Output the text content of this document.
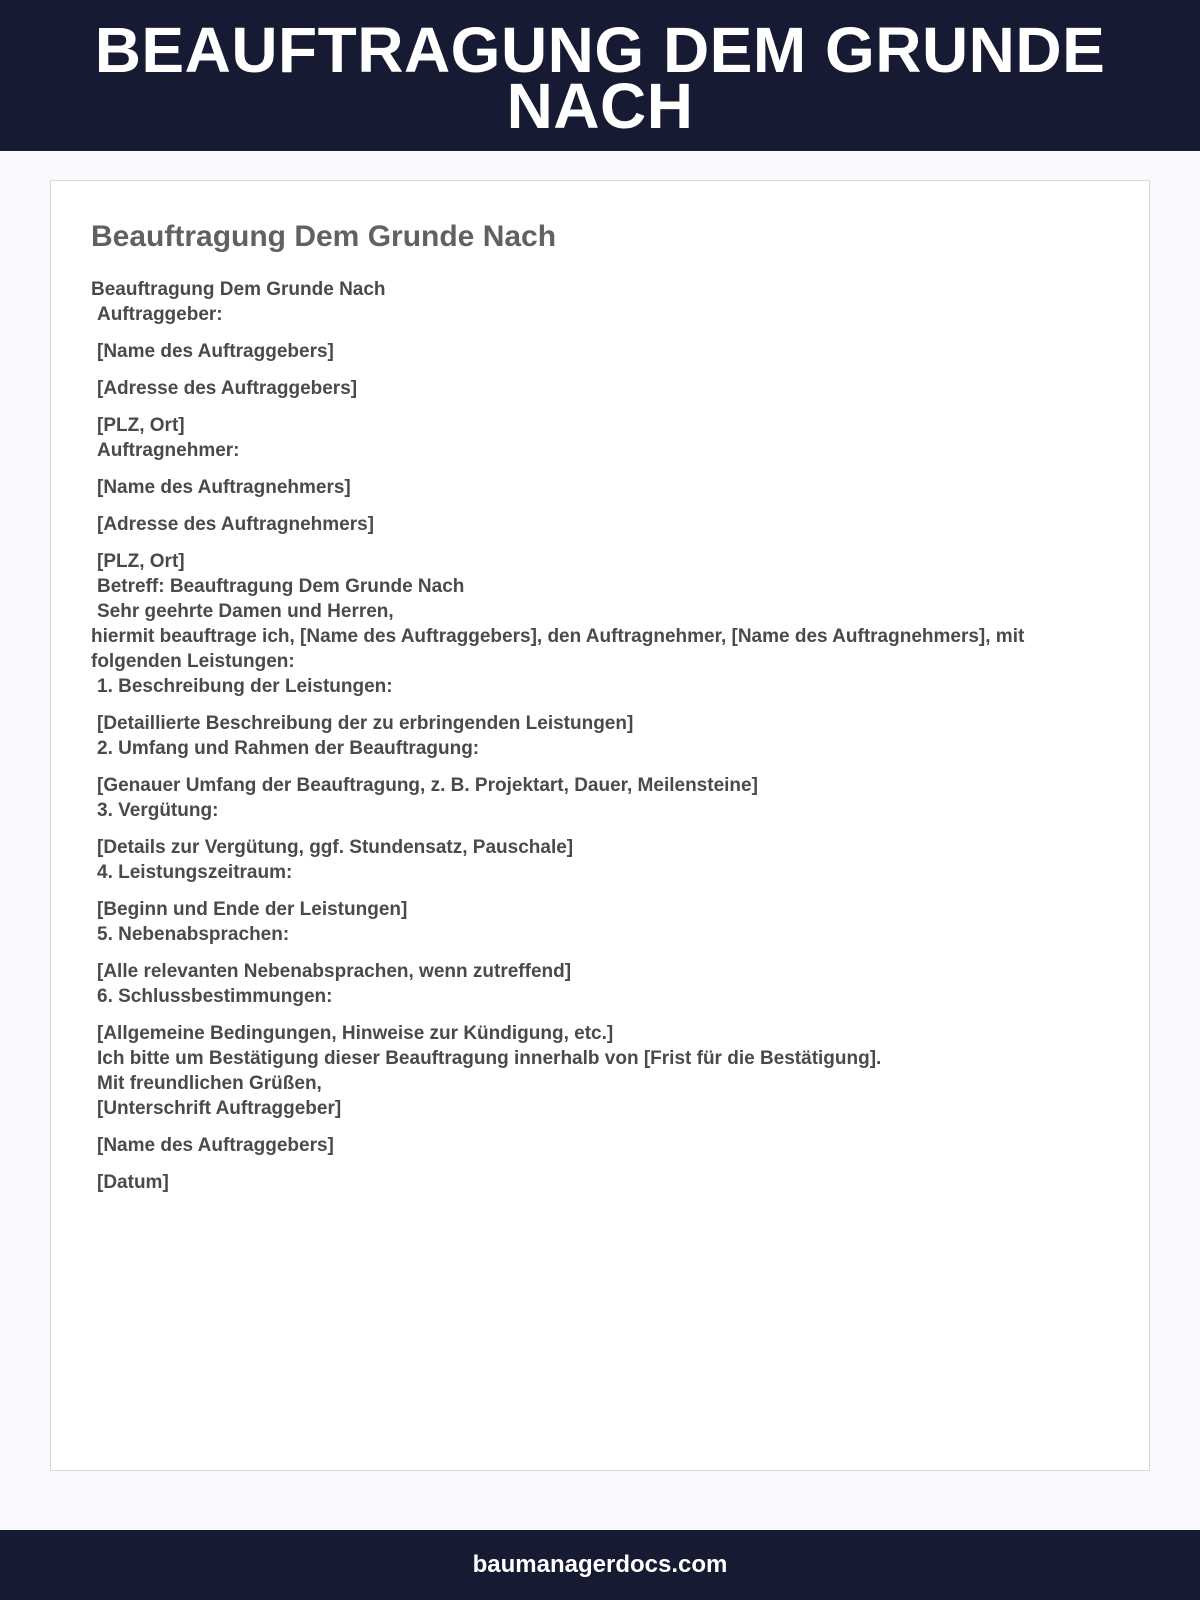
BEAUFTRAGUNG DEM GRUNDE NACH
Beauftragung Dem Grunde Nach
Beauftragung Dem Grunde Nach
Auftraggeber:
[Name des Auftraggebers]
[Adresse des Auftraggebers]
[PLZ, Ort]
Auftragnehmer:
[Name des Auftragnehmers]
[Adresse des Auftragnehmers]
[PLZ, Ort]
Betreff: Beauftragung Dem Grunde Nach
Sehr geehrte Damen und Herren,
hiermit beauftrage ich, [Name des Auftraggebers], den Auftragnehmer, [Name des Auftragnehmers], mit folgenden Leistungen:
1. Beschreibung der Leistungen:
[Detaillierte Beschreibung der zu erbringenden Leistungen]
2. Umfang und Rahmen der Beauftragung:
[Genauer Umfang der Beauftragung, z. B. Projektart, Dauer, Meilensteine]
3. Vergütung:
[Details zur Vergütung, ggf. Stundensatz, Pauschale]
4. Leistungszeitraum:
[Beginn und Ende der Leistungen]
5. Nebenabsprachen:
[Alle relevanten Nebenabsprachen, wenn zutreffend]
6. Schlussbestimmungen:
[Allgemeine Bedingungen, Hinweise zur Kündigung, etc.]
Ich bitte um Bestätigung dieser Beauftragung innerhalb von [Frist für die Bestätigung].
Mit freundlichen Grüßen,
[Unterschrift Auftraggeber]
[Name des Auftraggebers]
[Datum]
baumanagerdocs.com
